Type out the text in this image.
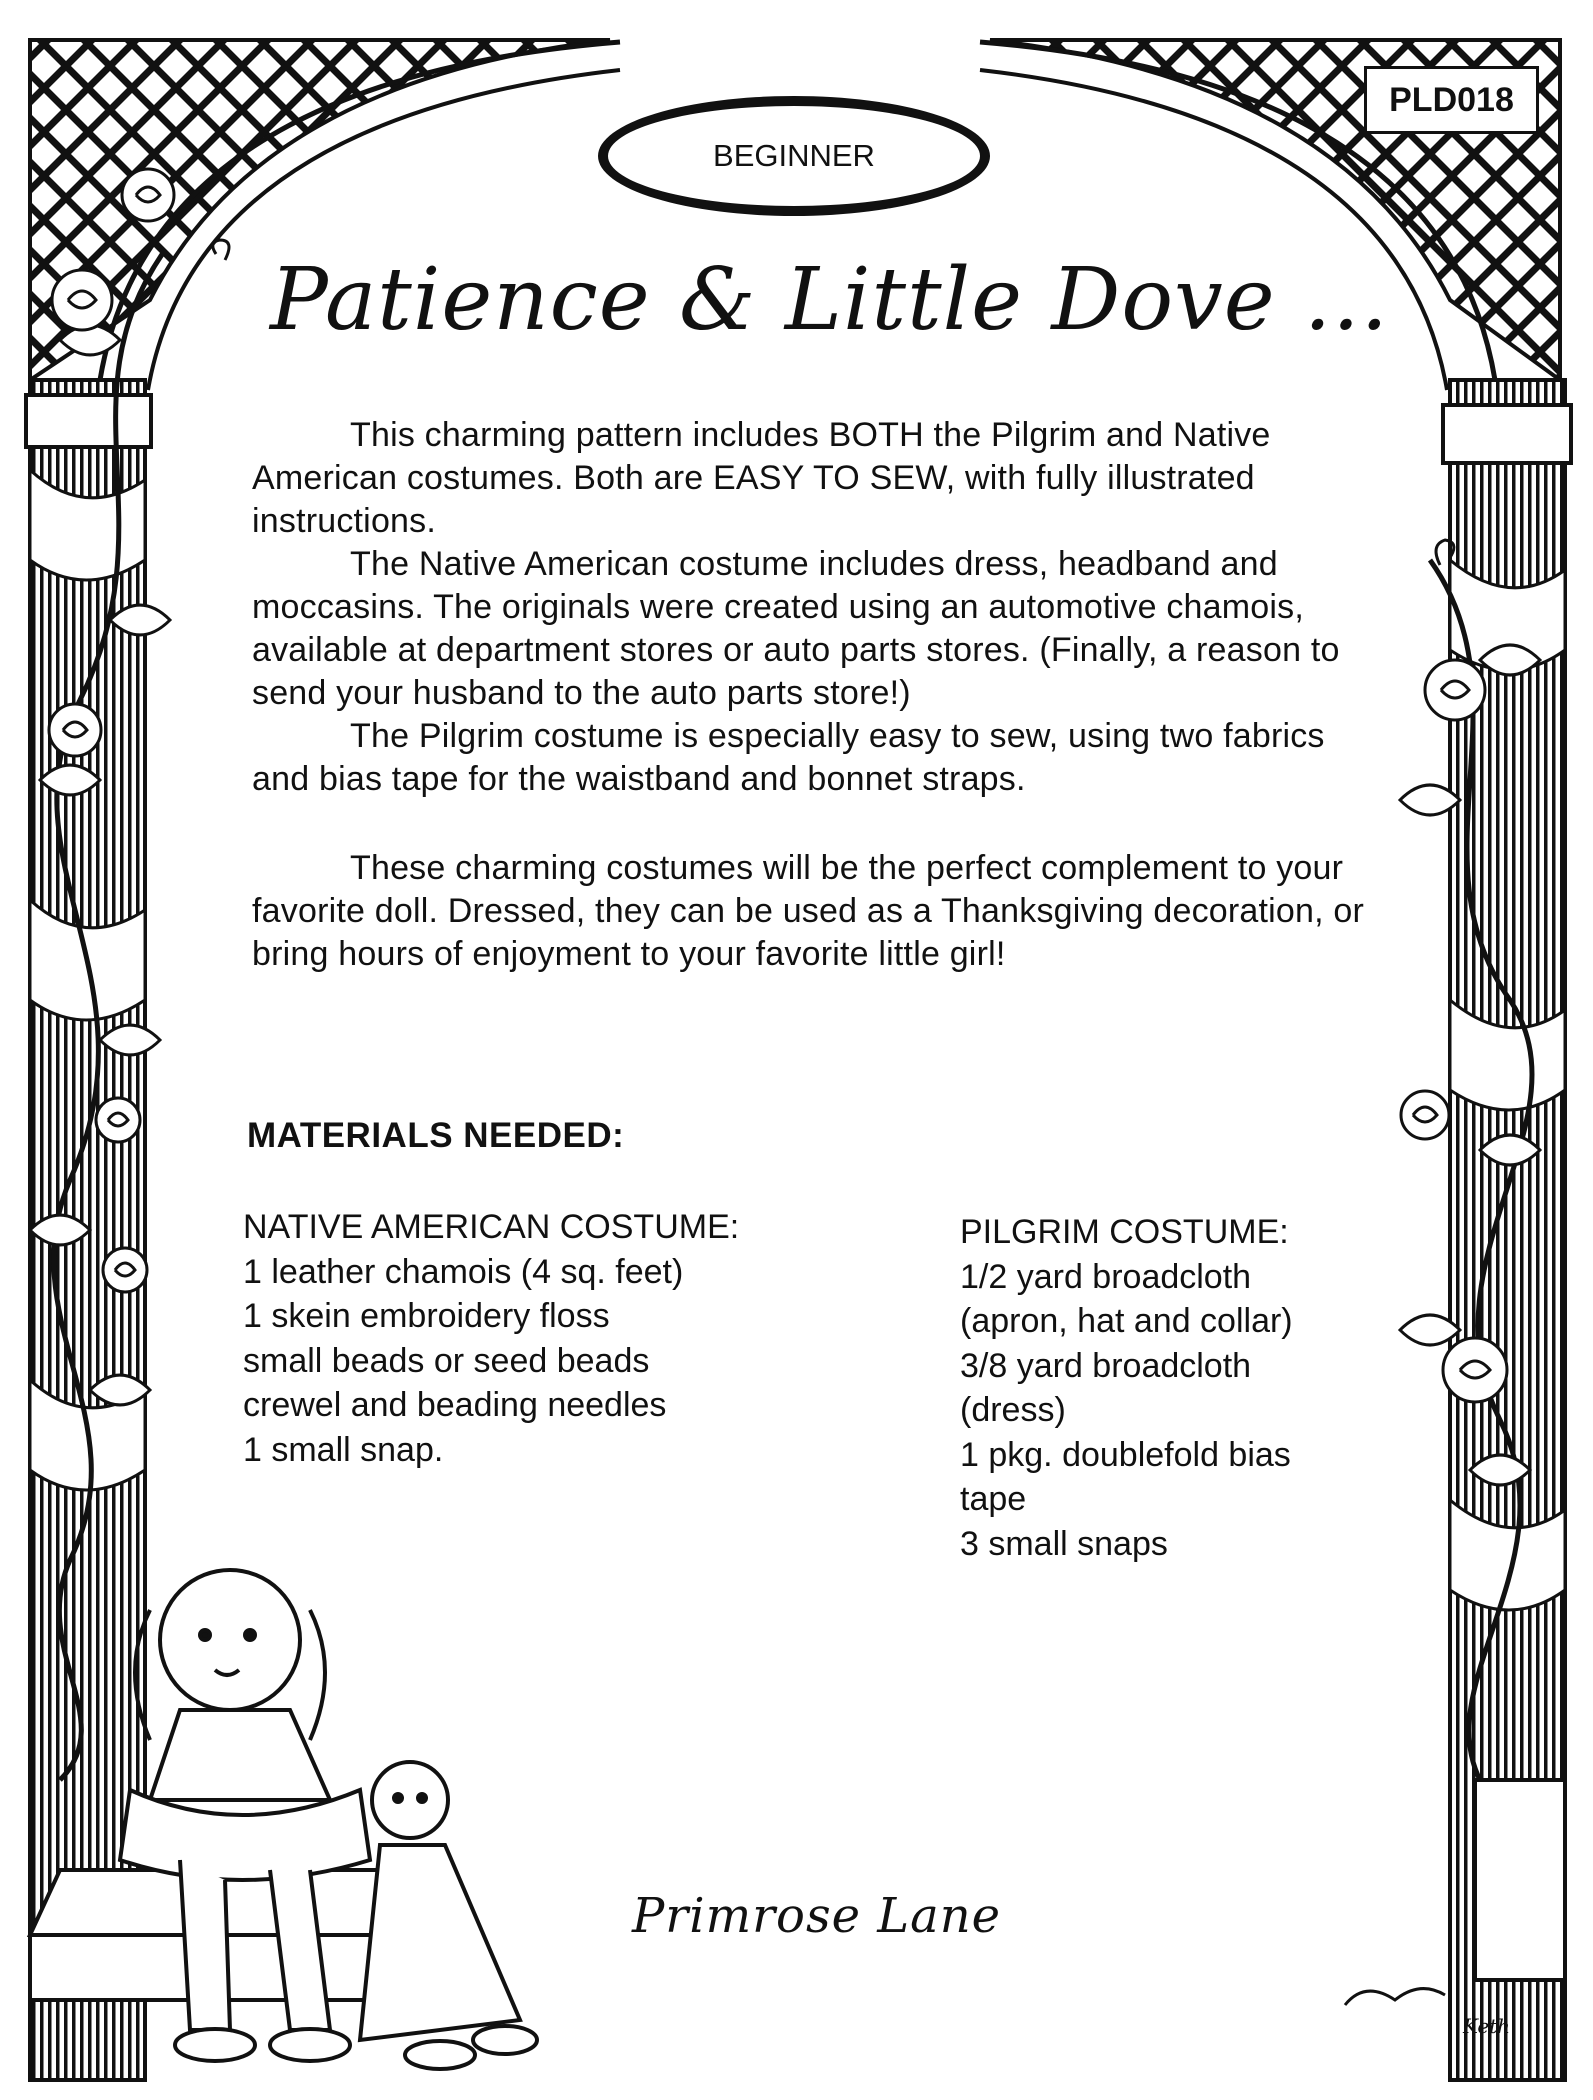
PLD018
BEGINNER
Patience & Little Dove ...

This charming pattern includes BOTH the Pilgrim and Native American costumes. Both are EASY TO SEW, with fully illustrated instructions.

The Native American costume includes dress, headband and moccasins. The originals were created using an automotive chamois, available at department stores or auto parts stores. (Finally, a reason to send your husband to the auto parts store!)

The Pilgrim costume is especially easy to sew, using two fabrics and bias tape for the waistband and bonnet straps.

These charming costumes will be the perfect complement to your favorite doll. Dressed, they can be used as a Thanksgiving decoration, or bring hours of enjoyment to your favorite little girl!

MATERIALS NEEDED:
NATIVE AMERICAN COSTUME:
1 leather chamois (4 sq. feet)
1 skein embroidery floss
small beads or seed beads
crewel and beading needles
1 small snap.
PILGRIM COSTUME:
1/2 yard broadcloth
(apron, hat and collar)
3/8 yard broadcloth
(dress)
1 pkg. doublefold bias
tape
3 small snaps
Primrose Lane
Keth
